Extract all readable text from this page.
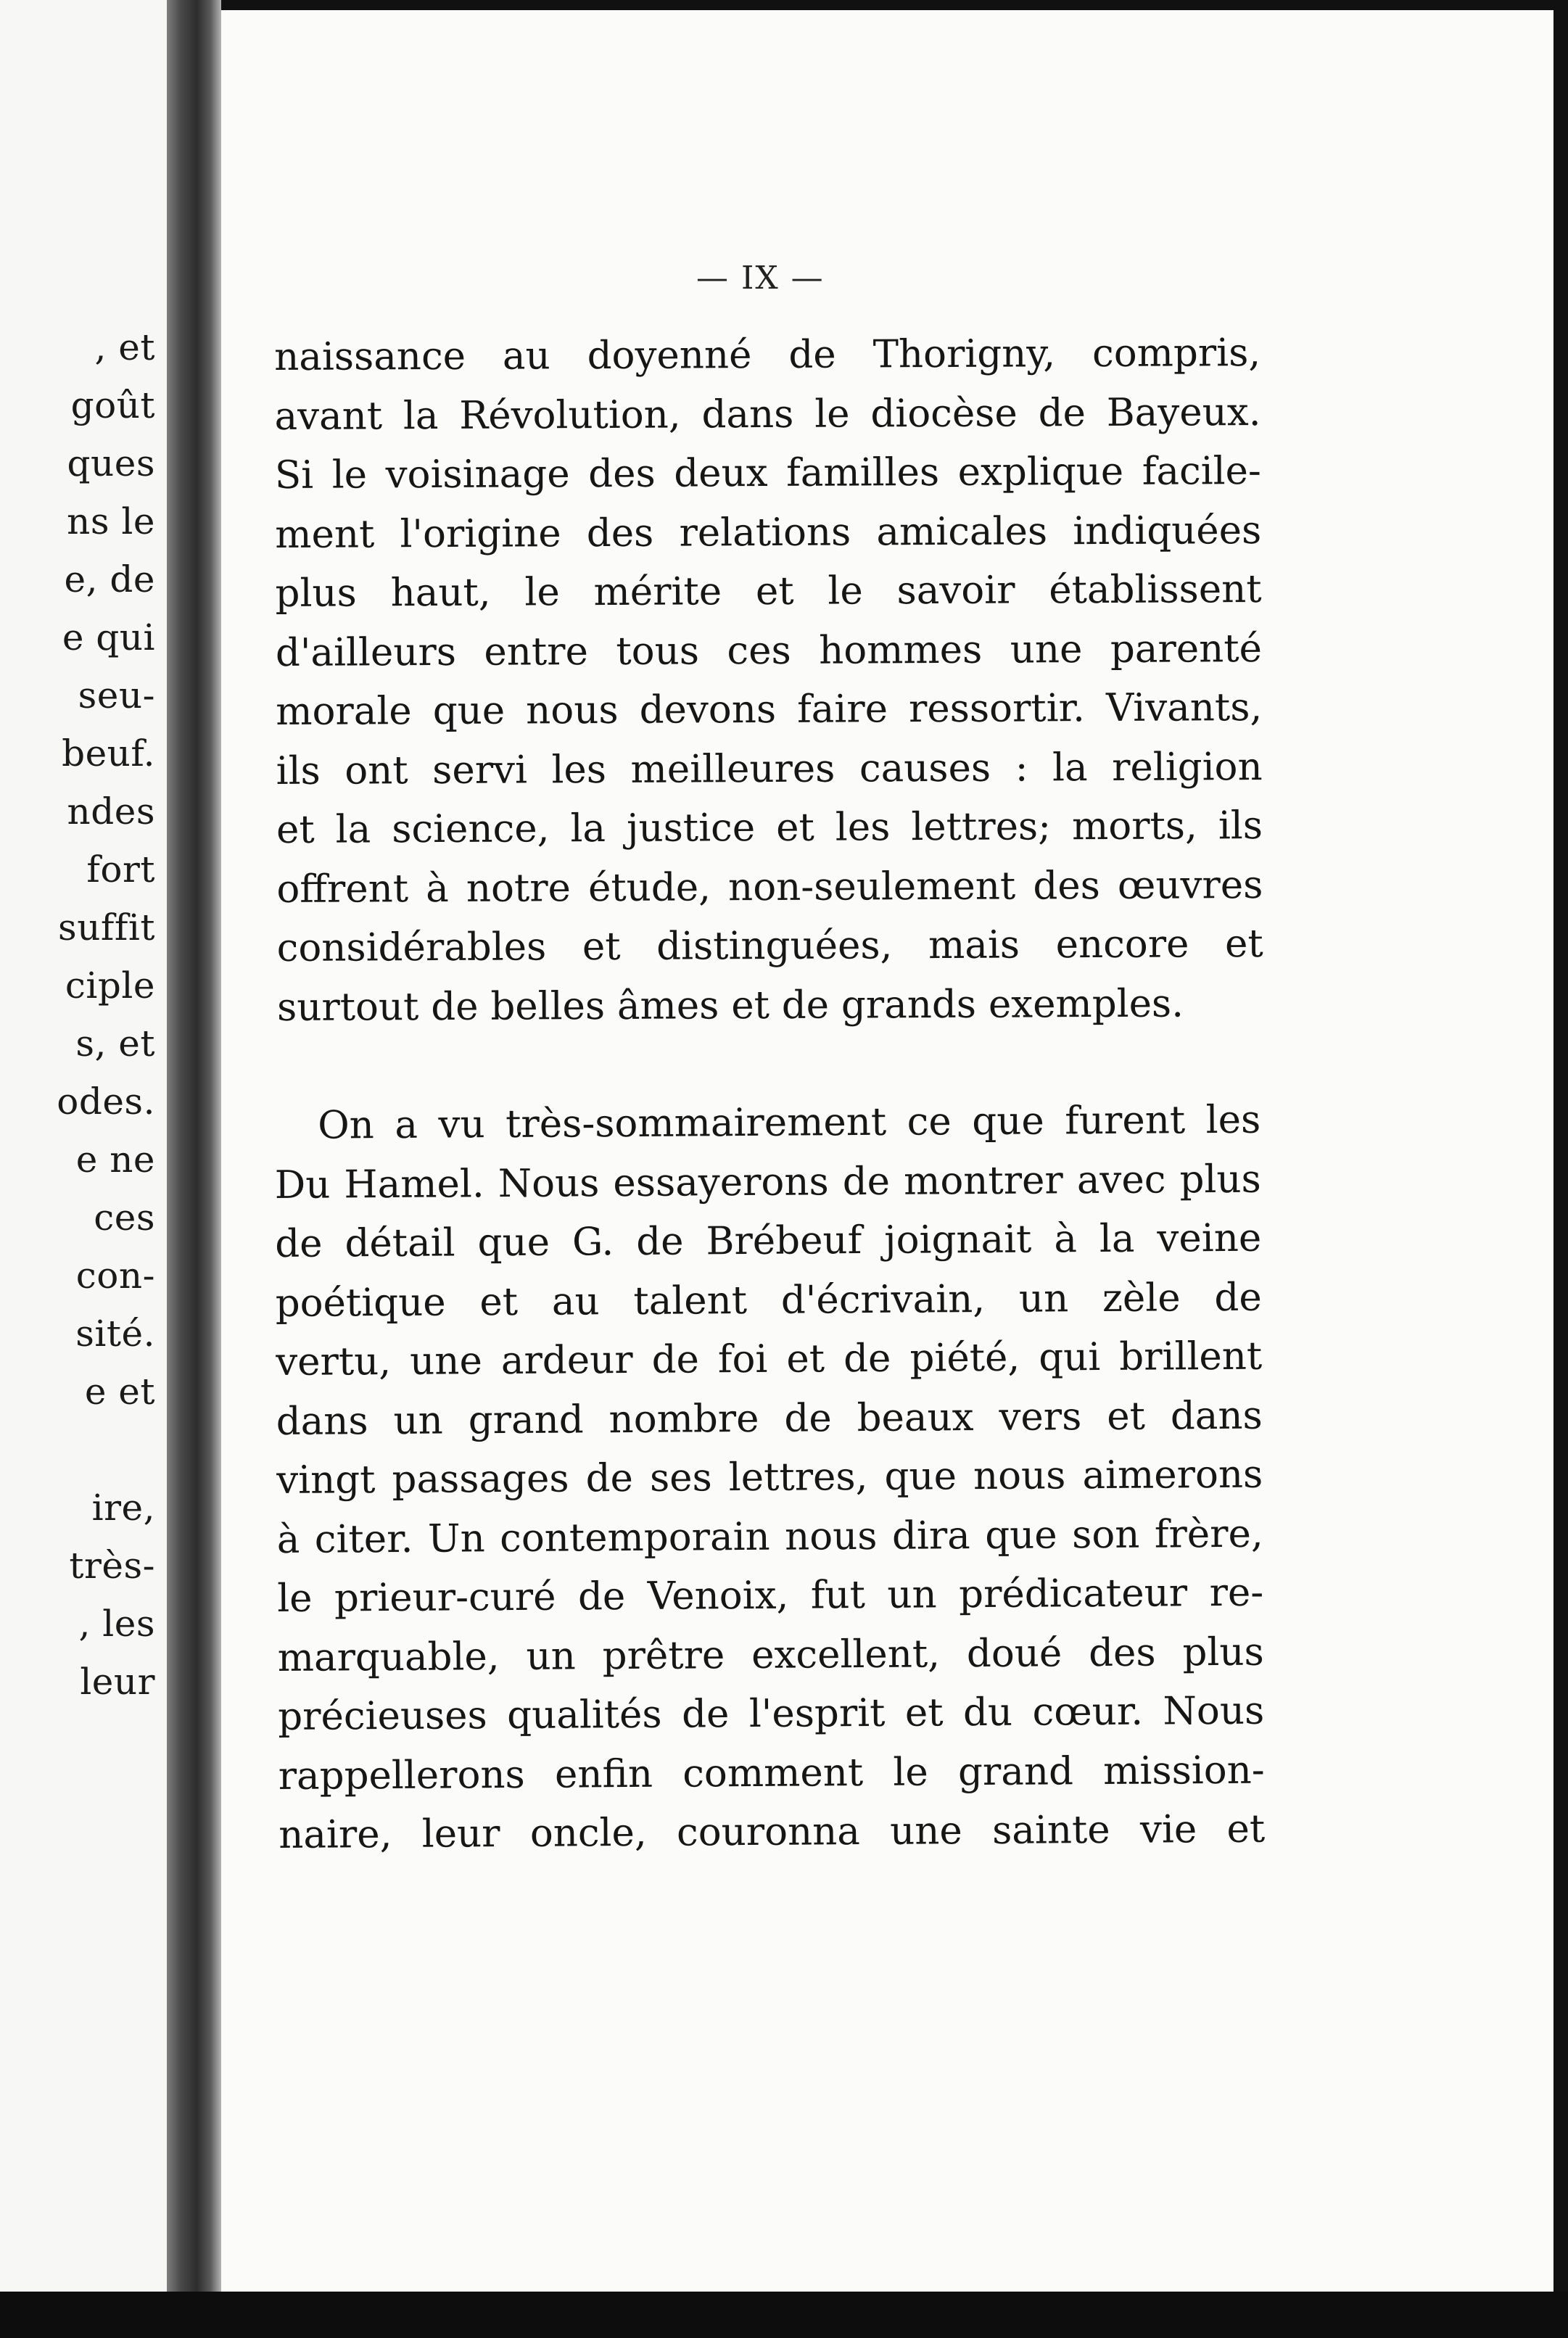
, et
goût
ques
ns le
e, de
e qui
seu-
beuf.
ndes
fort
suffit
ciple
s, et
odes.
e ne
ces
con-
sité.
e et
ire,
très-
, les
leur
— IX —
naissance au doyenné de Thorigny, compris,
avant la Révolution, dans le diocèse de Bayeux.
Si le voisinage des deux familles explique facile-
ment l'origine des relations amicales indiquées
plus haut, le mérite et le savoir établissent
d'ailleurs entre tous ces hommes une parenté
morale que nous devons faire ressortir. Vivants,
ils ont servi les meilleures causes : la religion
et la science, la justice et les lettres; morts, ils
offrent à notre étude, non-seulement des œuvres
considérables et distinguées, mais encore et
surtout de belles âmes et de grands exemples.
On a vu très-sommairement ce que furent les
Du Hamel. Nous essayerons de montrer avec plus
de détail que G. de Brébeuf joignait à la veine
poétique et au talent d'écrivain, un zèle de
vertu, une ardeur de foi et de piété, qui brillent
dans un grand nombre de beaux vers et dans
vingt passages de ses lettres, que nous aimerons
à citer. Un contemporain nous dira que son frère,
le prieur-curé de Venoix, fut un prédicateur re-
marquable, un prêtre excellent, doué des plus
précieuses qualités de l'esprit et du cœur. Nous
rappellerons enfin comment le grand mission-
naire, leur oncle, couronna une sainte vie et
